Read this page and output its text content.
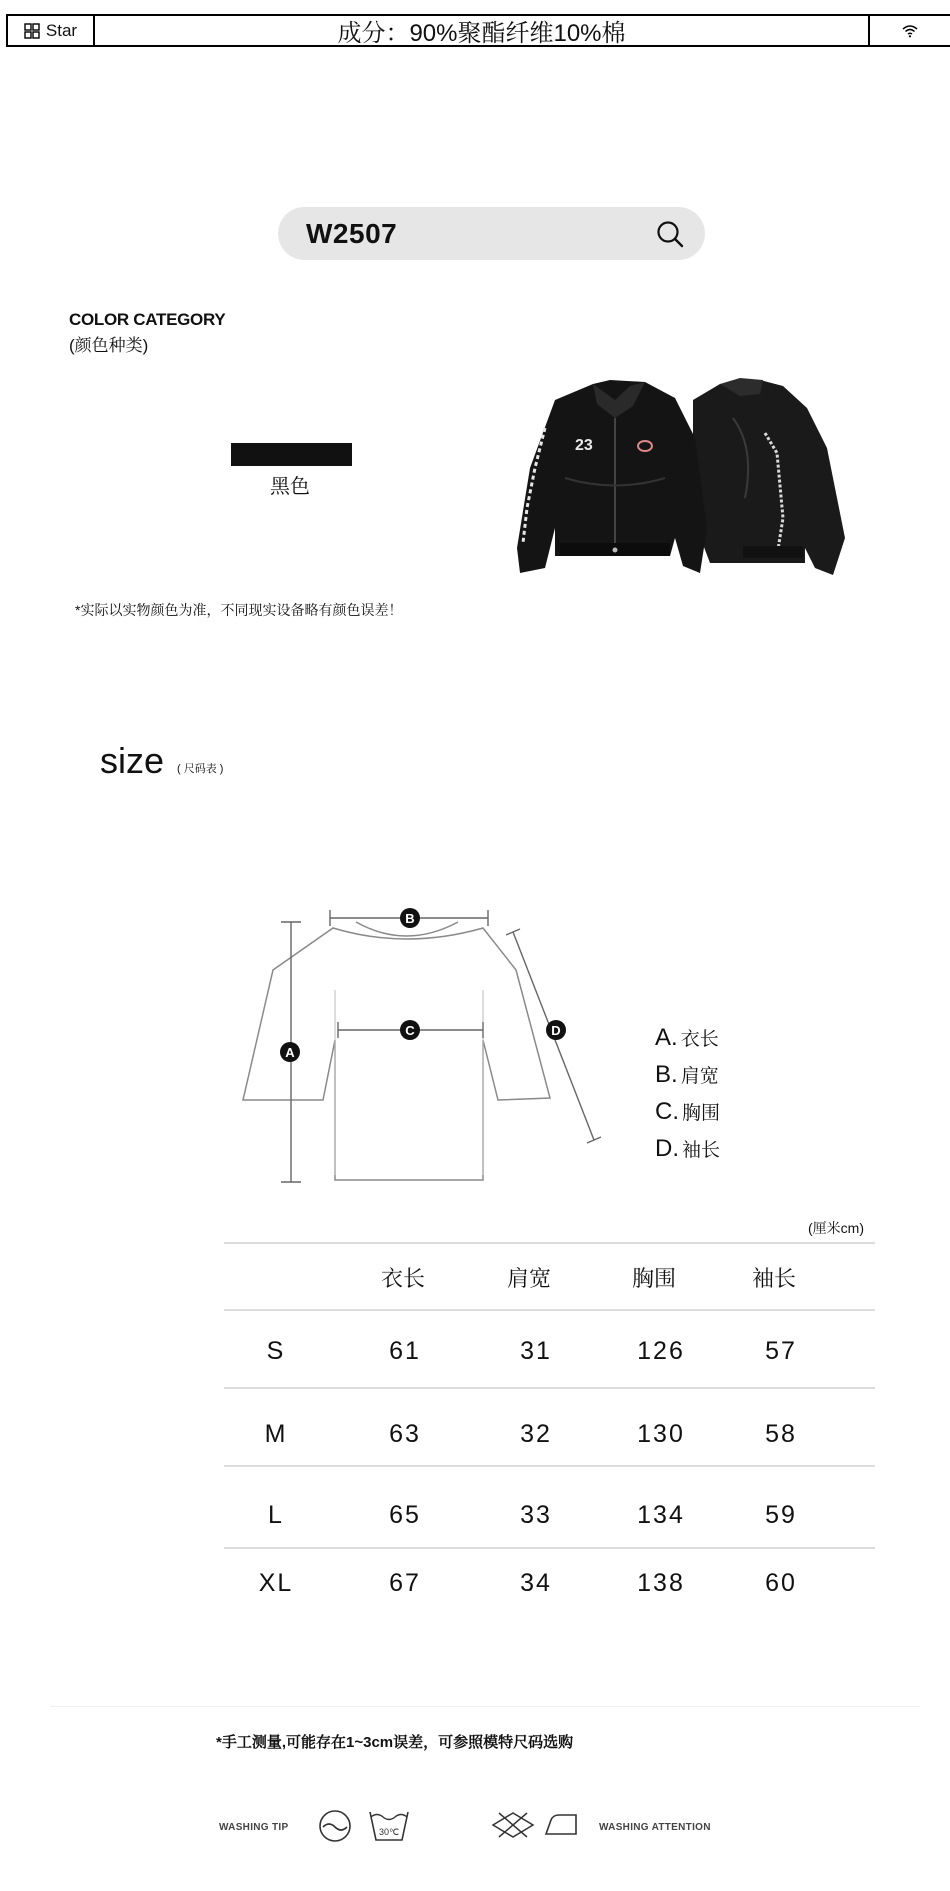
Star	成分：90%聚酯纤维10%棉
W2507
COLOR CATEGORY
(颜色种类)
黑色
23
*实际以实物颜色为准，不同现实设备略有颜色误差！
size ( 尺码表 )
A
B
C	D	A. 衣长
B. 肩宽
C. 胸围
D. 袖长
(厘米cm)
衣长	肩宽	胸围	袖长
S	61	31	126	57
M	63	32	130	58
L	65	33	134	59
XL	67	34	138	60
*手工测量,可能存在1~3cm误差，可参照模特尺码选购
WASHING TIP	30℃	WASHING ATTENTION
